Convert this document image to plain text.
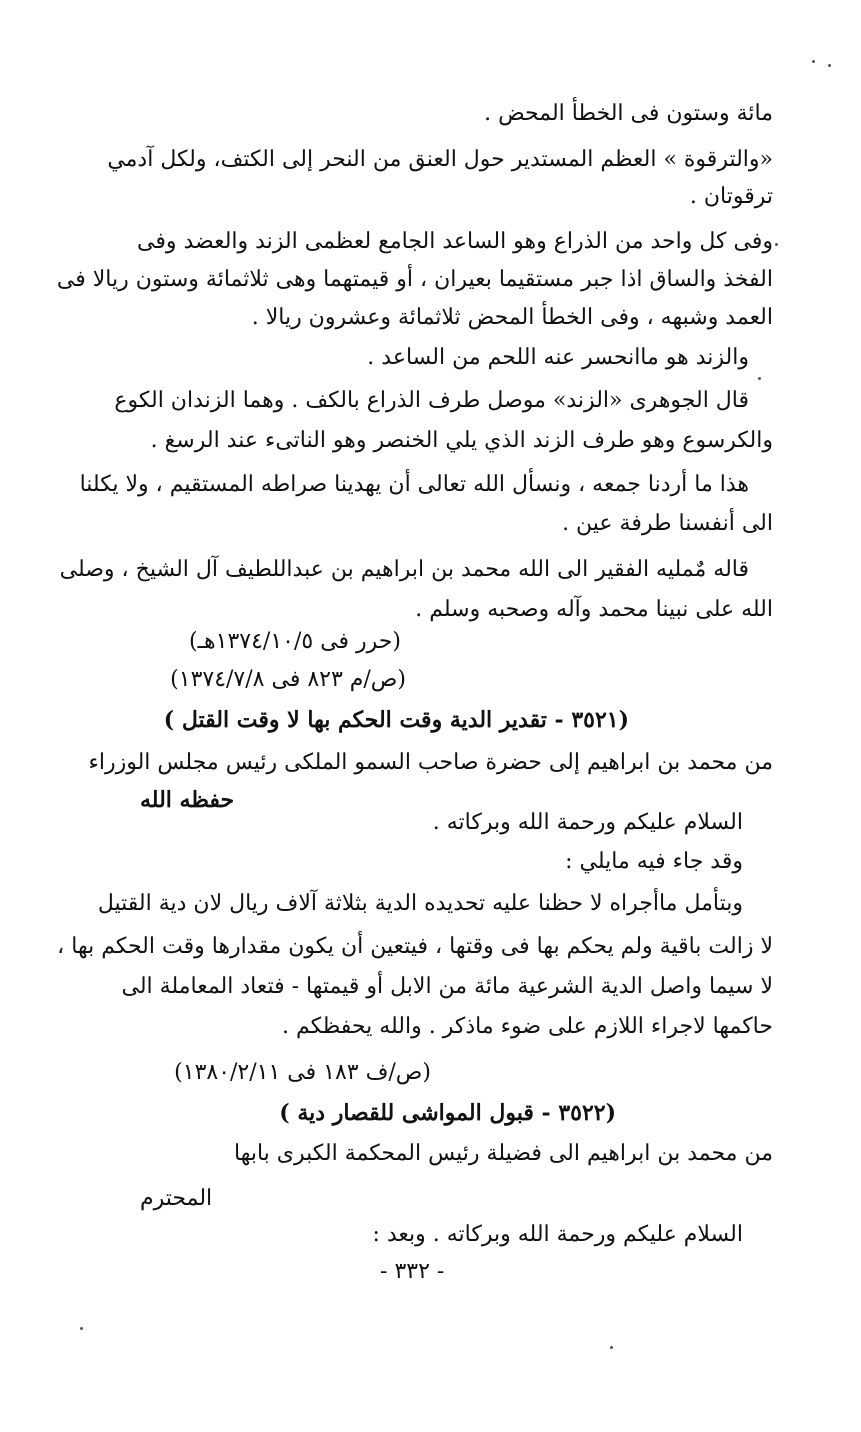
مائة وستون فى الخطأ المحض .
«والترقوة » العظم المستدير حول العنق من النحر إلى الكتف، ولكل آدمي
ترقوتان .
وفى كل واحد من الذراع وهو الساعد الجامع لعظمى الزند والعضد وفى
الفخذ والساق اذا جبر مستقيما بعيران ، أو قيمتهما وهى ثلاثمائة وستون ريالا فى
العمد وشبهه ، وفى الخطأ المحض ثلاثمائة وعشرون ريالا .
والزند هو ماانحسر عنه اللحم من الساعد .
قال الجوهرى «الزند» موصل طرف الذراع بالكف . وهما الزندان الكوع
والكرسوع وهو طرف الزند الذي يلي الخنصر وهو الناتىء عند الرسغ .
هذا ما أردنا جمعه ، ونسأل الله تعالى أن يهدينا صراطه المستقيم ، ولا يكلنا
الى أنفسنا طرفة عين .
قاله مٌمليه الفقير الى الله محمد بن ابراهيم بن عبداللطيف آل الشيخ ، وصلى
الله على نبينا محمد وآله وصحبه وسلم .
(حرر فى ١٣٧٤/١٠/٥هـ)
(ص/م ٨٢٣ فى ١٣٧٤/٧/٨)
(٣٥٢١ - تقدير الدية وقت الحكم بها لا وقت القتل )
من محمد بن ابراهيم إلى حضرة صاحب السمو الملكى رئيس مجلس الوزراء
حفظه الله
السلام عليكم ورحمة الله وبركاته .
وقد جاء فيه مايلي :
وبتأمل ماأجراه لا حظنا عليه تحديده الدية بثلاثة آلاف ريال لان دية القتيل
لا زالت باقية ولم يحكم بها فى وقتها ، فيتعين أن يكون مقدارها وقت الحكم بها ،
لا سيما واصل الدية الشرعية مائة من الابل أو قيمتها - فتعاد المعاملة الى
حاكمها لاجراء اللازم على ضوء ماذكر . والله يحفظكم .
(ص/ف ١٨٣ فى ١٣٨٠/٢/١١)
(٣٥٢٢ - قبول المواشى للقصار دية )
من محمد بن ابراهيم الى فضيلة رئيس المحكمة الكبرى بابها
المحترم
السلام عليكم ورحمة الله وبركاته . وبعد :
- ٣٣٢ -
